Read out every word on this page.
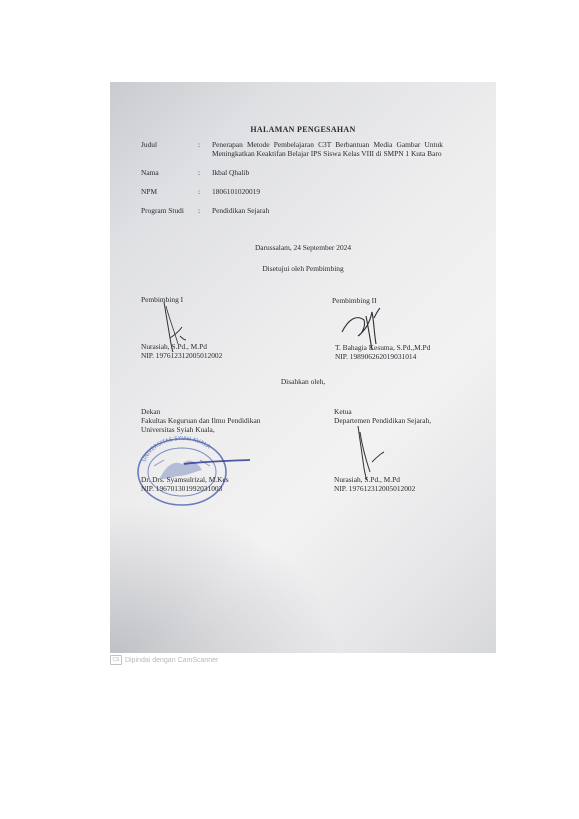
HALAMAN PENGESAHAN
Judul	: Penerapan Metode Pembelajaran C3T Berbantuan Media Gambar Untuk Meningkatkan Keaktifan Belajar IPS Siswa Kelas VIII di SMPN 1 Kuta Baro
Nama	: Ikbal Qhalib
NPM	: 1806101020019
Program Studi : Pendidikan Sejarah
Darussalam, 24 September 2024
Disetujui oleh Pembimbing
Pembimbing I	Pembimbing II
Nurasiah, S.Pd., M.Pd
NIP. 197612312005012002
T. Bahagia Kesuma, S.Pd.,M.Pd
NIP. 198906262019031014
Disahkan oleh,
Dekan
Fakultas Keguruan dan Ilmu Pendidikan
Universitas Syiah Kuala,
Ketua
Departemen Pendidikan Sejarah,
UNIVERSITAS SYIAH KUALA
Dr. Drs. Syamsulrizal, M.Kes
NIP. 196701301992031003
Nurasiah, S.Pd., M.Pd
NIP. 197612312005012002
CS Dipindai dengan CamScanner
